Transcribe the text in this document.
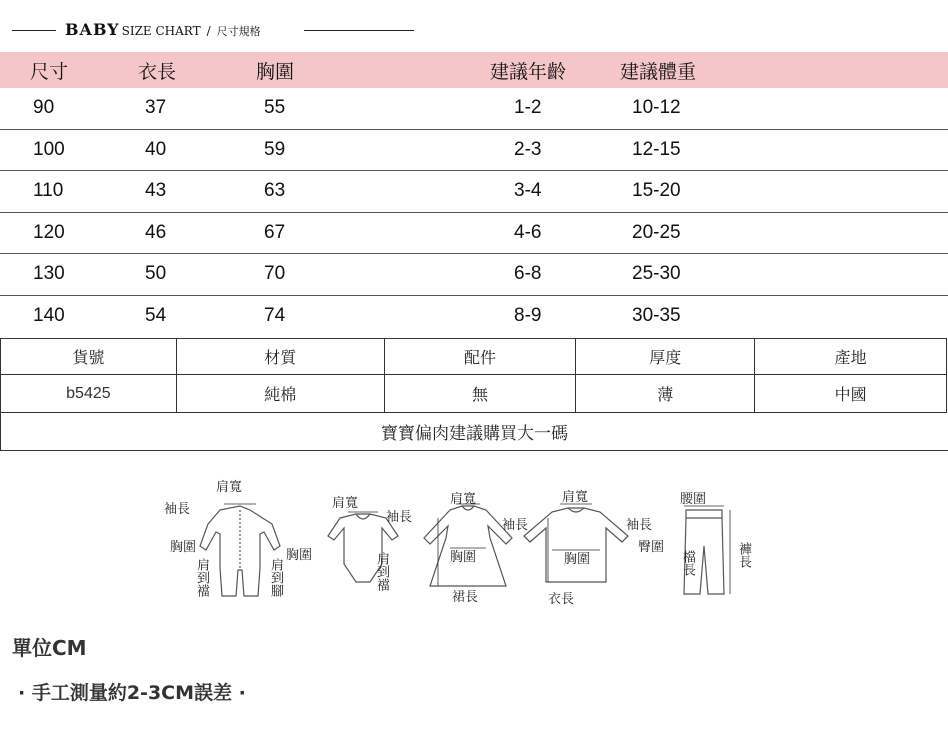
BABY SIZE CHART / 尺寸規格
尺寸	衣長	胸圍	建議年齡	建議體重
90	37	55	1-2	10-12
100	40	59	2-3	12-15
110	43	63	3-4	15-20
120	46	67	4-6	20-25
130	50	70	6-8	25-30
140	54	74	8-9	30-35
貨號	材質	配件	厚度	產地
b5425	純棉	無	薄	中國
寶寶偏肉建議購買大一碼
肩寬
袖長
胸圍
肩到襠	肩到腳
肩寬
袖長
胸圍	肩到襠
肩寬
袖長
胸圍
裙長
肩寬
袖長
胸圍
衣長
腰圍
臀圍
檔長	褲長
單位CM
· 手工測量約2-3CM誤差 ·
